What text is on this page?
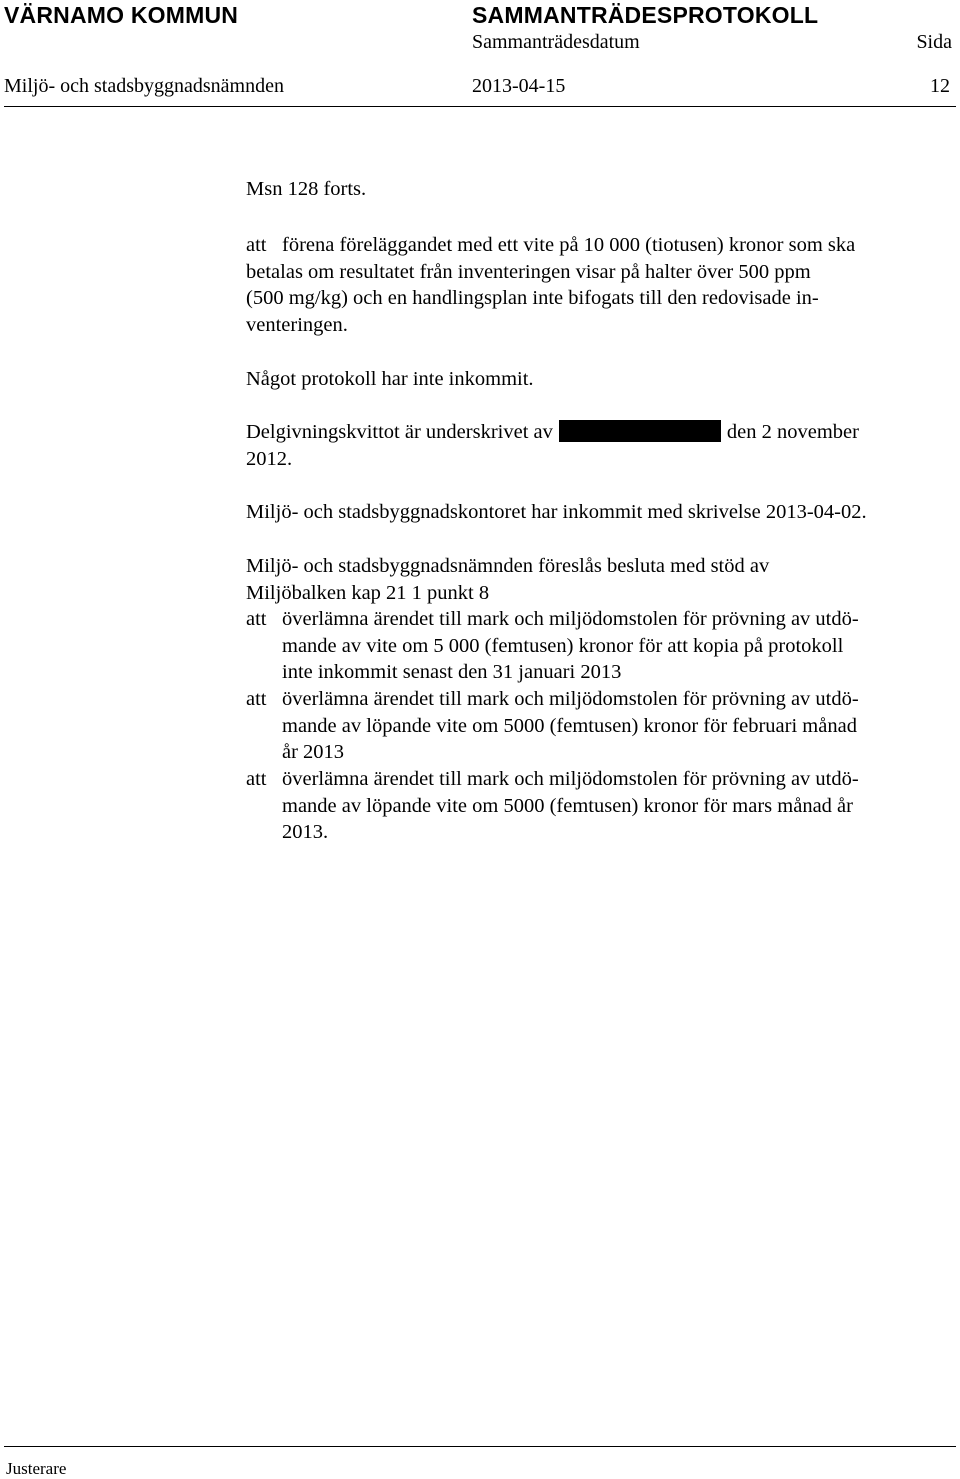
VÄRNAMO KOMMUN	SAMMANTRÄDESPROTOKOLL
Sammanträdesdatum	Sida
Miljö- och stadsbyggnadsnämnden	2013-04-15	12
Msn 128 forts.
att förena föreläggandet med ett vite på 10 000 (tiotusen) kronor som ska
betalas om resultatet från inventeringen visar på halter över 500 ppm
(500 mg/kg) och en handlingsplan inte bifogats till den redovisade in-
venteringen.
Något protokoll har inte inkommit.
Delgivningskvittot är underskrivet av	den 2 november
2012.
Miljö- och stadsbyggnadskontoret har inkommit med skrivelse 2013-04-02.
Miljö- och stadsbyggnadsnämnden föreslås besluta med stöd av
Miljöbalken kap 21 1 punkt 8
att överlämna ärendet till mark och miljödomstolen för prövning av utdö-
mande av vite om 5 000 (femtusen) kronor för att kopia på protokoll
inte inkommit senast den 31 januari 2013
att överlämna ärendet till mark och miljödomstolen för prövning av utdö-
mande av löpande vite om 5000 (femtusen) kronor för februari månad
år 2013
att överlämna ärendet till mark och miljödomstolen för prövning av utdö-
mande av löpande vite om 5000 (femtusen) kronor för mars månad år
2013.
Justerare
